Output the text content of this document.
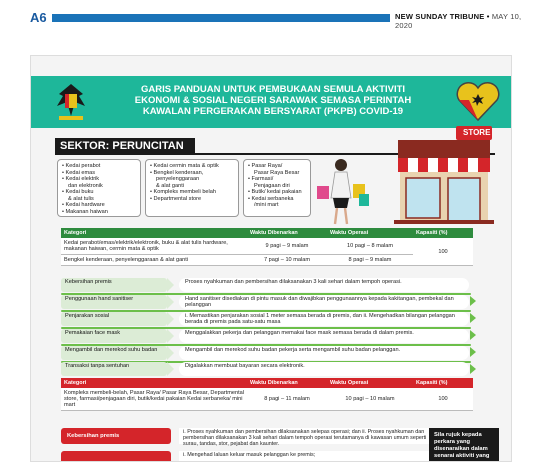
A6	NEW SUNDAY TRIBUNE • MAY 10, 2020
GARIS PANDUAN UNTUK PEMBUKAAN SEMULA AKTIVITI
EKONOMI & SOSIAL NEGERI SARAWAK SEMASA PERINTAH
KAWALAN PERGERAKAN BERSYARAT (PKPB) COVID-19
SEKTOR: PERUNCITAN
• Kedai perabot
• Kedai emas
• Kedai elektrik
dan elektronik
• Kedai buku
& alat tulis
• Kedai hardware
• Makanan haiwan
• Kedai cermin mata & optik
• Bengkel kenderaan,
penyelenggaraan
& alat ganti
• Kompleks membeli belah
• Departmental store
• Pasar Raya/
Pasar Raya Besar
• Farmasi/
Penjagaan diri
• Butik/ kedai pakaian
• Kedai serbaneka
/mini mart
STORE
Kategori	Waktu Dibenarkan	Waktu Operasi	Kapasiti (%)
Kedai perabot/emas/elektrik/elektronik, buku & alat tulis hardware, makanan haiwan, cermin mata & optik	9 pagi – 9 malam	10 pagi – 8 malam	100
Bengkel kenderaan, penyelenggaraan & alat ganti	7 pagi – 10 malam	8 pagi – 9 malam	
Kebersihan premis	Proses nyahkuman dan pembersihan dilaksanakan 3 kali sehari dalam tempoh operasi.
Penggunaan hand sanitiser	Hand sanitiser disediakan di pintu masuk dan diwajibkan penggunaannya kepada kakitangan, pembekal dan pelanggan
Penjarakan sosial	i. Memastikan penjarakan sosial 1 meter semasa berada di premis, dan ii. Mengehadkan bilangan pelanggan berada di premis pada satu-satu masa
Pemakaian face mask	Menggalakkan pekerja dan pelanggan memakai face mask semasa berada di dalam premis.
Mengambil dan merekod suhu badan	Mengambil dan merekod suhu badan pekerja serta mengambil suhu badan pelanggan.
Transaksi tanpa sentuhan	Digalakkan membuat bayaran secara elektronik.
Kategori	Waktu Dibenarkan	Waktu Operasi	Kapasiti (%)
Kompleks membeli-belah, Pasar Raya/ Pasar Raya Besar, Departmental store, farmasi/penjagaan diri, butik/kedai pakaian Kedai serbaneka/ mini mart	8 pagi – 11 malam	10 pagi – 10 malam	100
Kebersihan premis
i. Proses nyahkuman dan pembersihan dilaksanakan selepas operasi; dan ii. Proses nyahkuman dan pembersihan dilaksanakan 3 kali sehari dalam tempoh operasi terutamanya di kawasan umum seperti surau, tandas, stor, pejabat dan kaunter.
i. Mengehad laluan keluar masuk pelanggan ke premis;
Sila rujuk kepada perkara yang disenaraikan dalam senarai aktiviti yang
